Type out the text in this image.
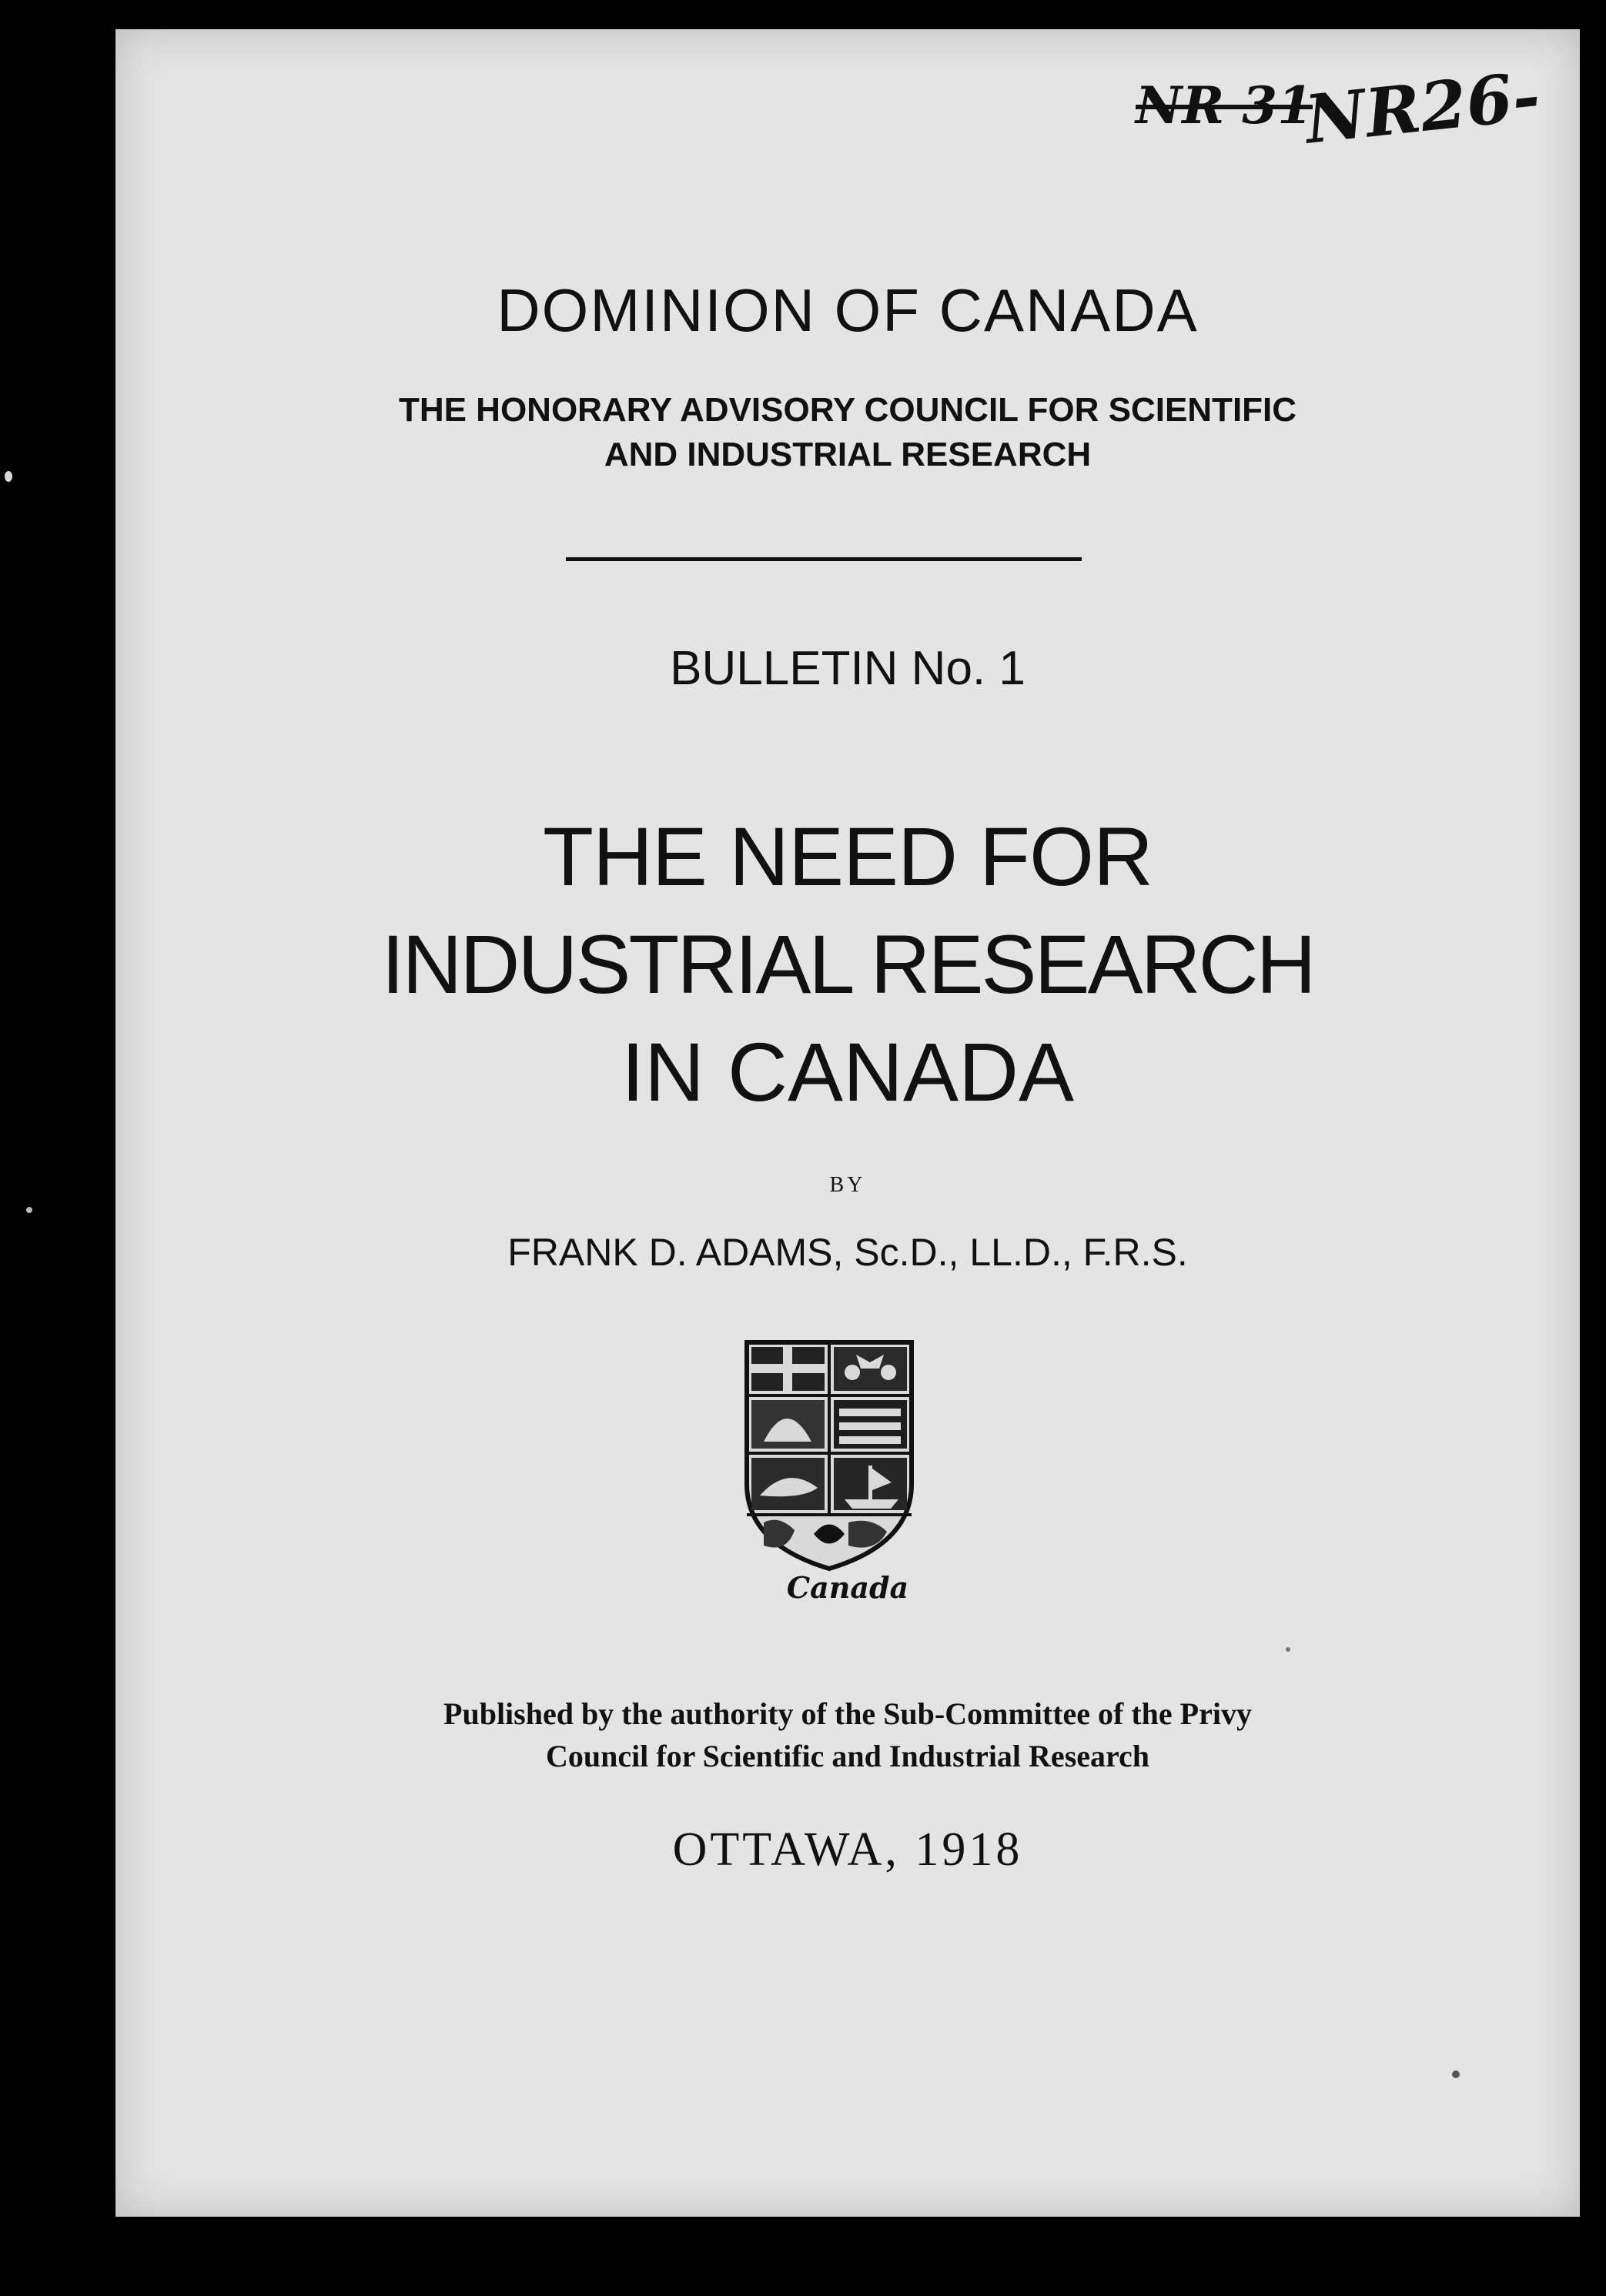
NR 31
NR26-
DOMINION OF CANADA
THE HONORARY ADVISORY COUNCIL FOR SCIENTIFIC
AND INDUSTRIAL RESEARCH
BULLETIN No. 1
THE NEED FOR
INDUSTRIAL RESEARCH
IN CANADA
BY
FRANK D. ADAMS, Sc.D., LL.D., F.R.S.
Canada
Published by the authority of the Sub-Committee of the Privy
Council for Scientific and Industrial Research
OTTAWA, 1918
